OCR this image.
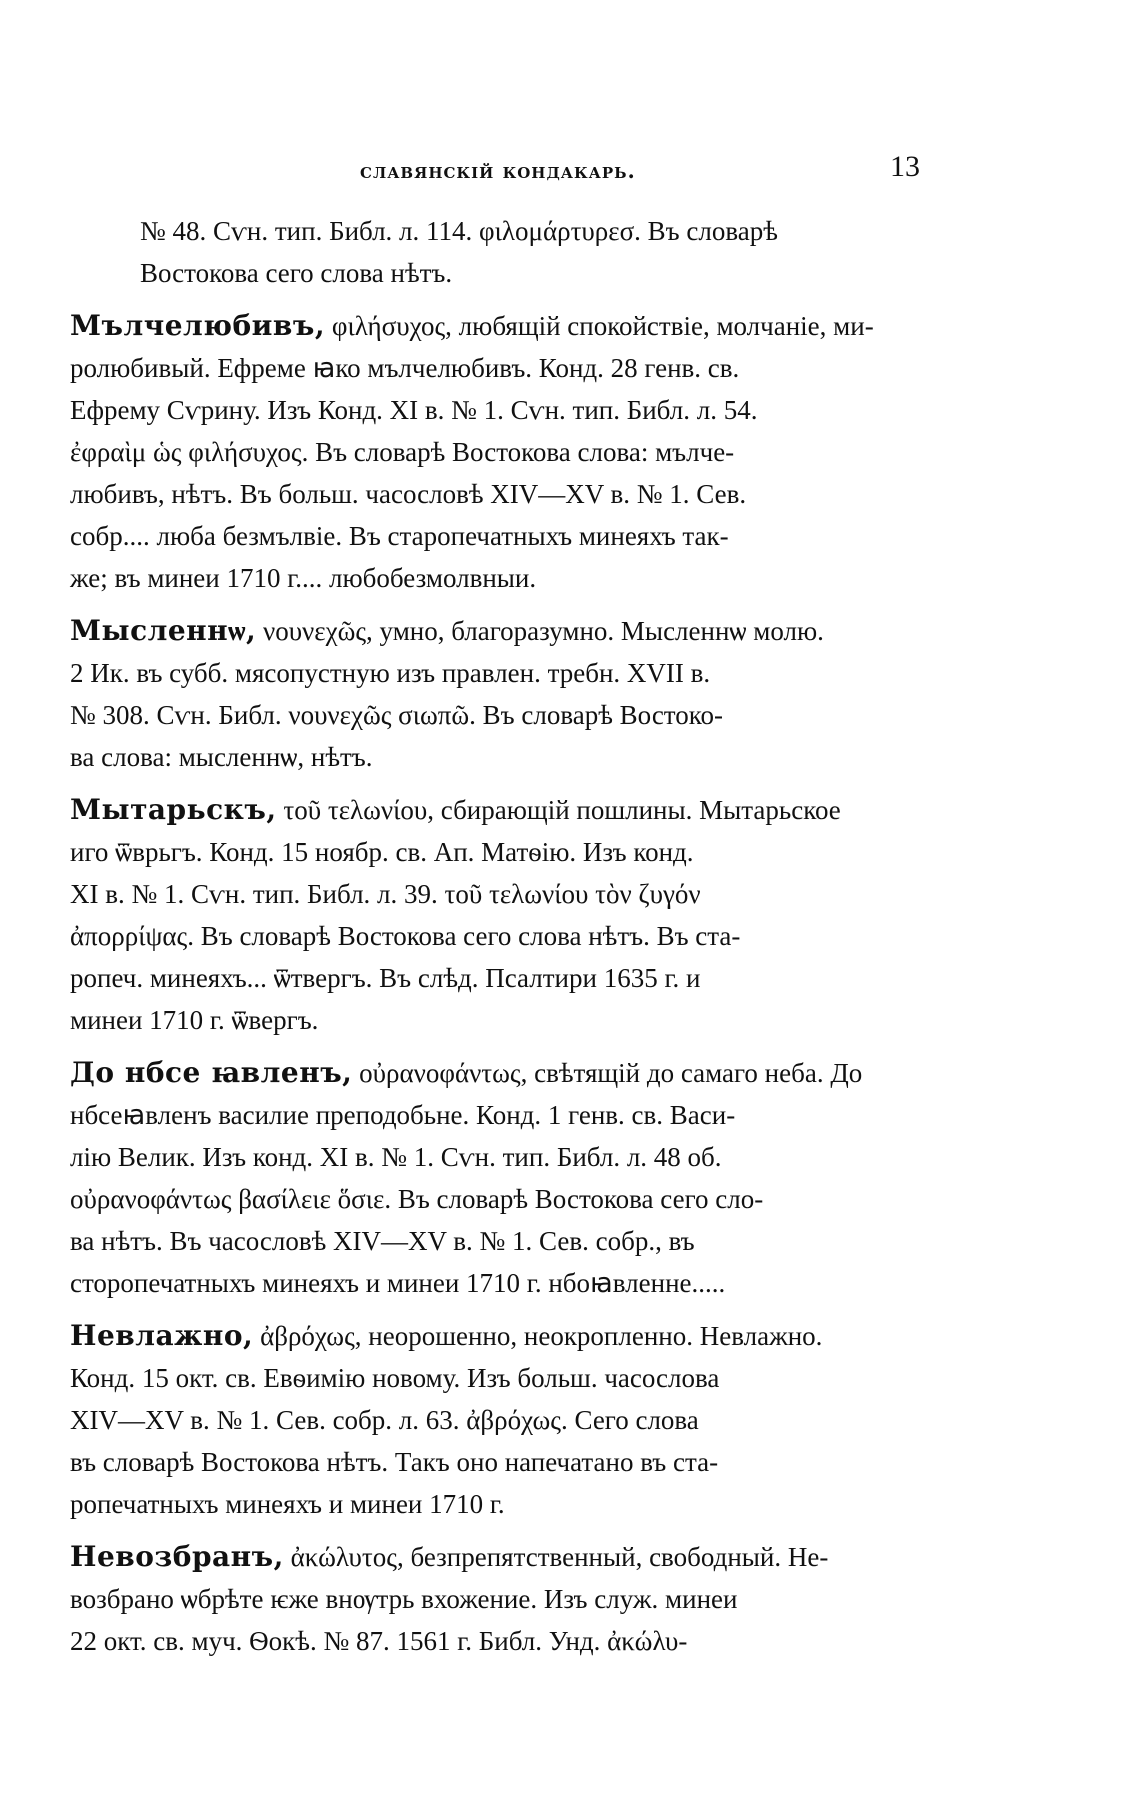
славянскій кондакарь.	13
№ 48. Сѵн. тип. Библ. л. 114. φιλομάρτυρεσ. Въ словарѣ
Востокова сего слова нѣтъ.
Мълчелюбивъ, φιλήσυχος, любящій спокойствіе, молчаніе, ми-
ролюбивый. Ефреме ꙗко мълчелюбивъ. Конд. 28 генв. св.
Ефрему Сѵрину. Изъ Конд. XI в. № 1. Сѵн. тип. Библ. л. 54.
ἐφραὶμ ὡς φιλήσυχος. Въ словарѣ Востокова слова: мълче-
любивъ, нѣтъ. Въ больш. часословѣ XIV—XV в. № 1. Сев.
собр.... люба безмълвіе. Въ старопечатныхъ минеяхъ так-
же; въ минеи 1710 г.... любобезмолвныи.
Мысленнѡ, νουνεχῶς, умно, благоразумно. Мысленнѡ молю.
2 Ик. въ субб. мясопустную изъ правлен. требн. XVII в.
№ 308. Сѵн. Библ. νουνεχῶς σιωπῶ. Въ словарѣ Востоко-
ва слова: мысленнѡ, нѣтъ.
Мытарьскъ, τοῦ τελωνίου, сбирающій пошлины. Мытарьское
иго ѿврьгъ. Конд. 15 ноябр. св. Ап. Матѳію. Изъ конд.
XI в. № 1. Сѵн. тип. Библ. л. 39. τοῦ τελωνίου τὸν ζυγόν
ἀπορρίψας. Въ словарѣ Востокова сего слова нѣтъ. Въ ста-
ропеч. минеяхъ... ѿтвергъ. Въ слѣд. Псалтири 1635 г. и
минеи 1710 г. ѿвергъ.
До нбсе ꙗвленъ, οὐρανοφάντως, свѣтящій до самаго неба. До
нбсеꙗвленъ василие преподобьне. Конд. 1 генв. св. Васи-
лію Велик. Изъ конд. XI в. № 1. Сѵн. тип. Библ. л. 48 об.
οὐρανοφάντως βασίλειε ὅσιε. Въ словарѣ Востокова сего сло-
ва нѣтъ. Въ часословѣ XIV—XV в. № 1. Сев. собр., въ
сторопечатныхъ минеяхъ и минеи 1710 г. нбоꙗвленне.....
Невлажно, ἀβρόχως, неорошенно, неокропленно. Невлажно.
Конд. 15 окт. св. Евѳимію новому. Изъ больш. часослова
XIV—XV в. № 1. Сев. собр. л. 63. ἀβρόχως. Сего слова
въ словарѣ Востокова нѣтъ. Такъ оно напечатано въ ста-
ропечатныхъ минеяхъ и минеи 1710 г.
Невозбранъ, ἀκώλυτος, безпрепятственный, свободный. Не-
возбрано ѡбрѣте ѥже внѹтрь вхожение. Изъ служ. минеи
22 окт. св. муч. Ѳокѣ. № 87. 1561 г. Библ. Унд. ἀκώλυ-
